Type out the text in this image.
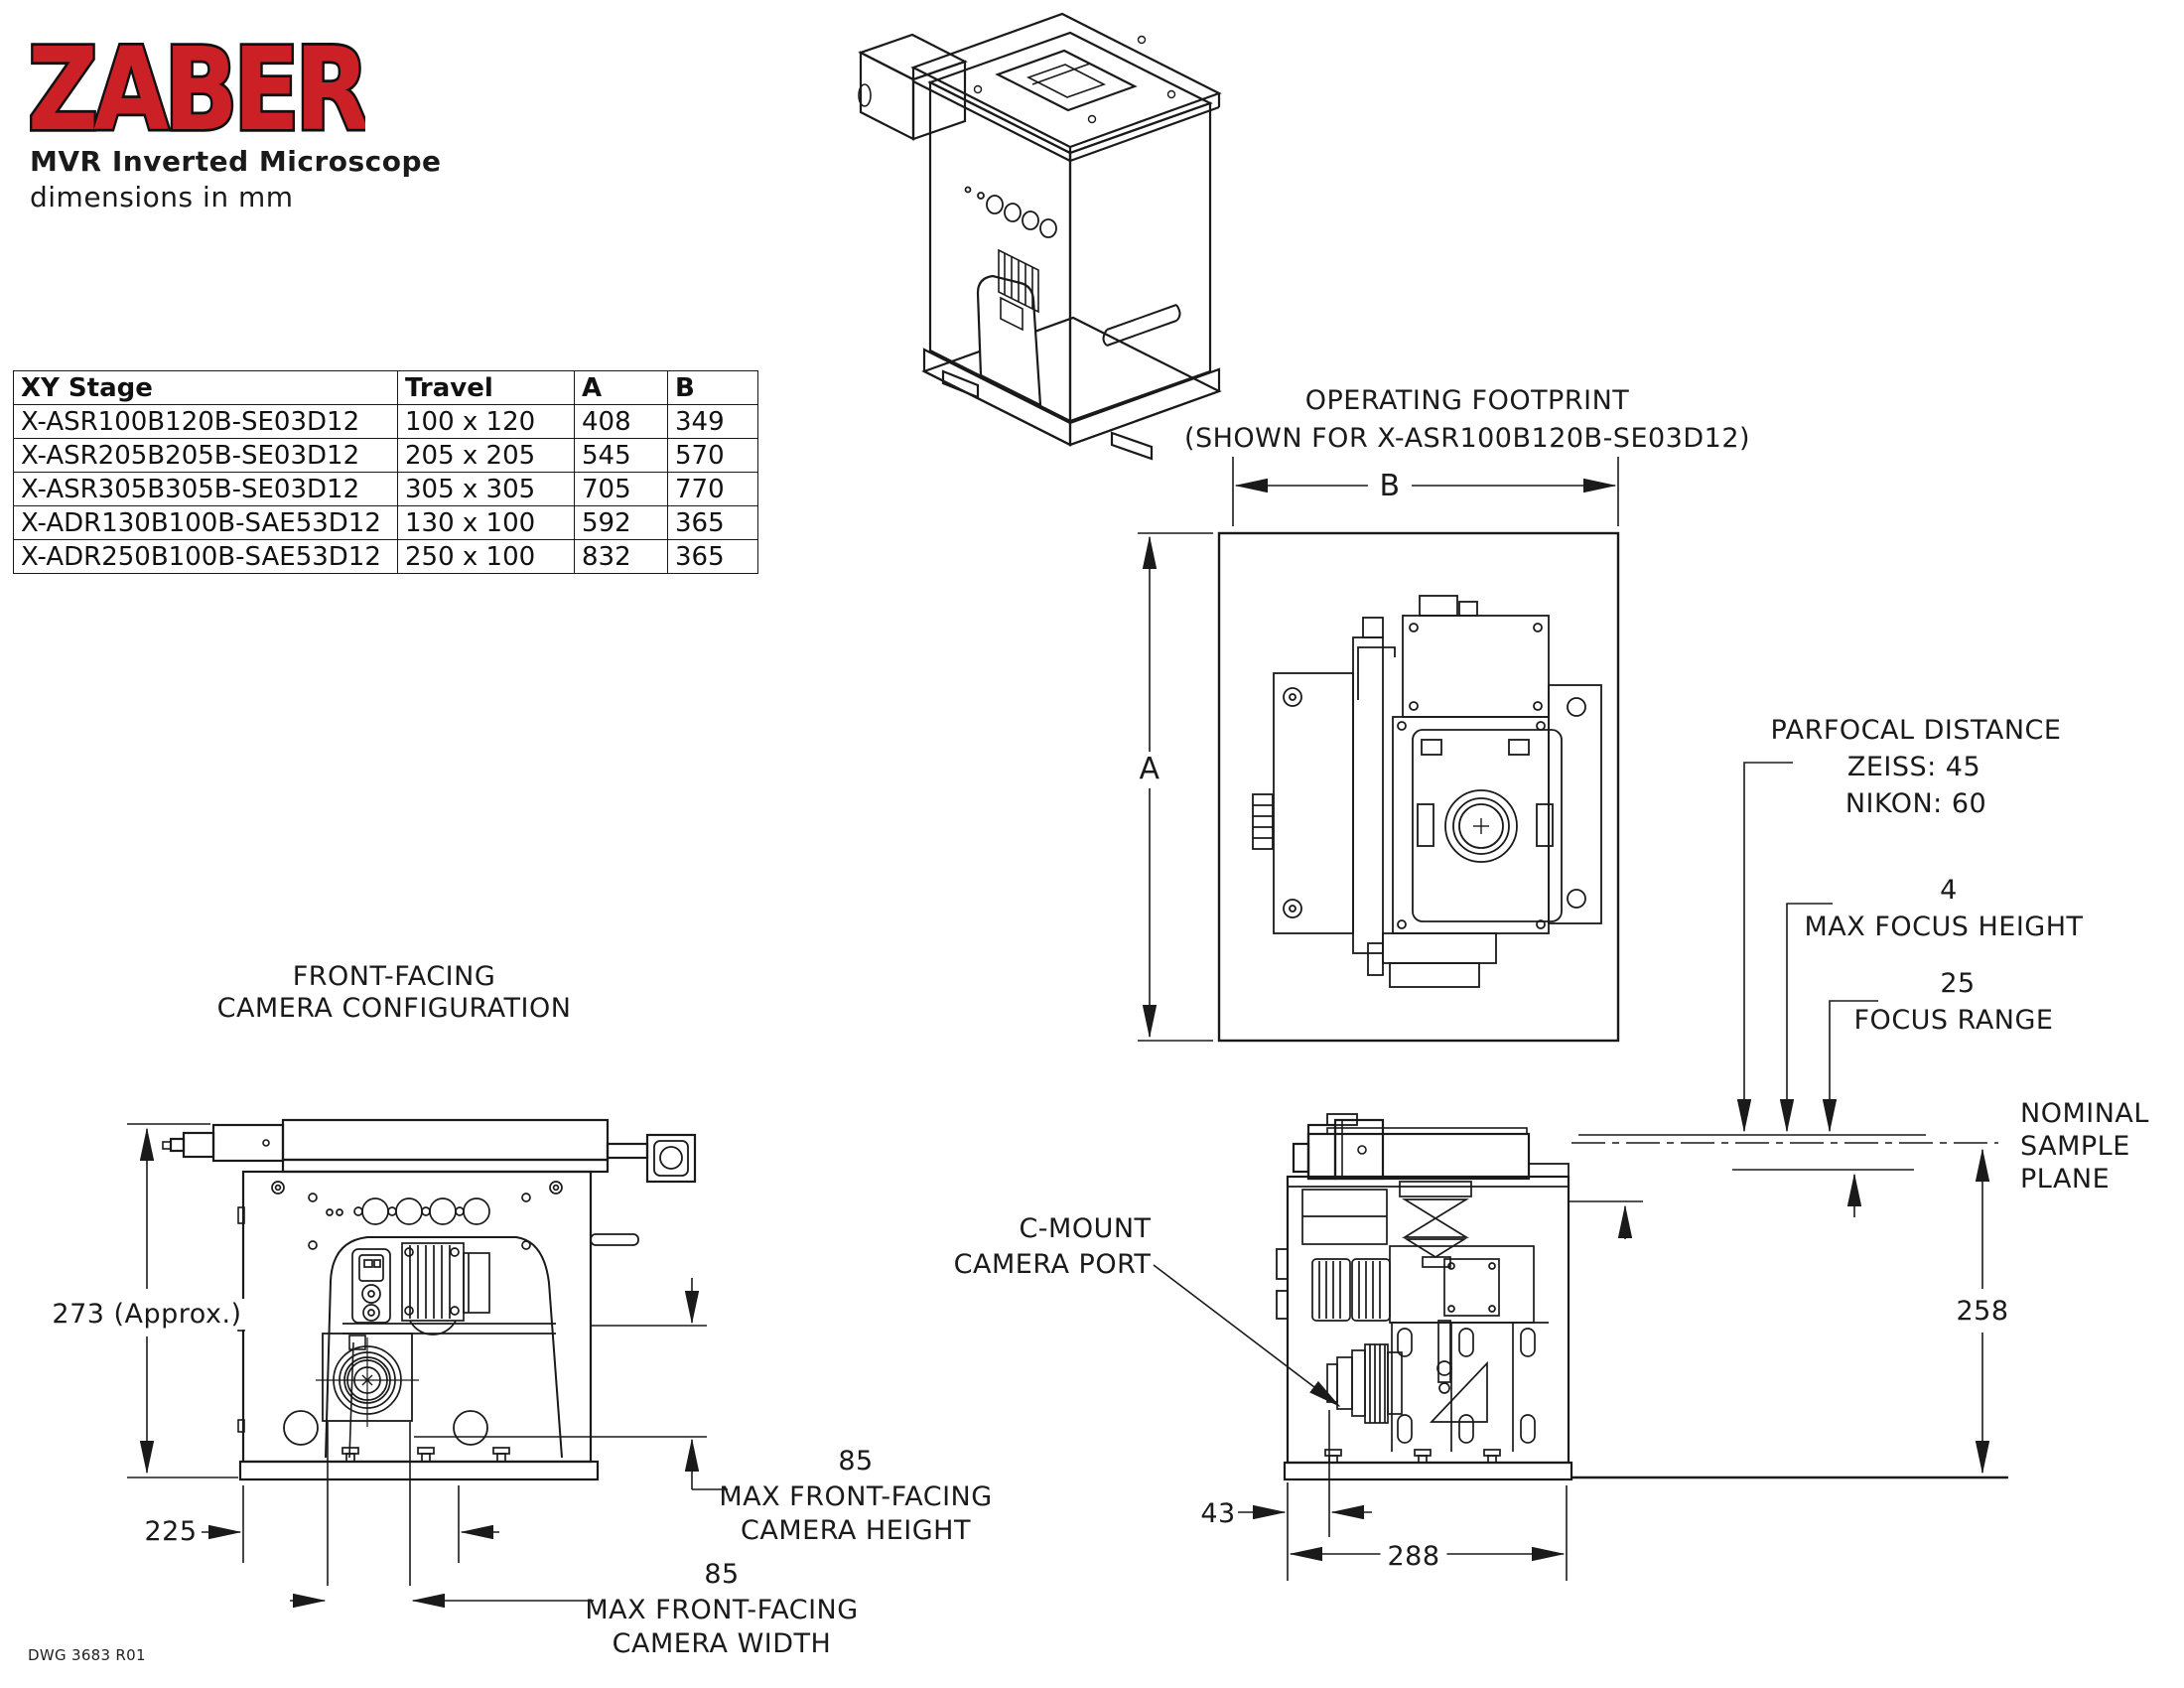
ZABER
MVR Inverted Microscope
dimensions in mm
XY Stage	Travel	A	B
X-ASR100B120B-SE03D12	100 x 120	408	349
X-ASR205B205B-SE03D12	205 x 205	545	570
X-ASR305B305B-SE03D12	305 x 305	705	770
X-ADR130B100B-SAE53D12	130 x 100	592	365
X-ADR250B100B-SAE53D12	250 x 100	832	365
OPERATING FOOTPRINT
(SHOWN FOR X-ASR100B120B-SE03D12)
B
A
PARFOCAL DISTANCE
ZEISS: 45
NIKON: 60
4
MAX FOCUS HEIGHT
25
FOCUS RANGE
NOMINAL
SAMPLE
PLANE
258
288
43
C-MOUNT
CAMERA PORT
FRONT-FACING
CAMERA CONFIGURATION
273 (Approx.)
225
85
MAX FRONT-FACING
CAMERA HEIGHT
85
MAX FRONT-FACING
CAMERA WIDTH
DWG 3683 R01
